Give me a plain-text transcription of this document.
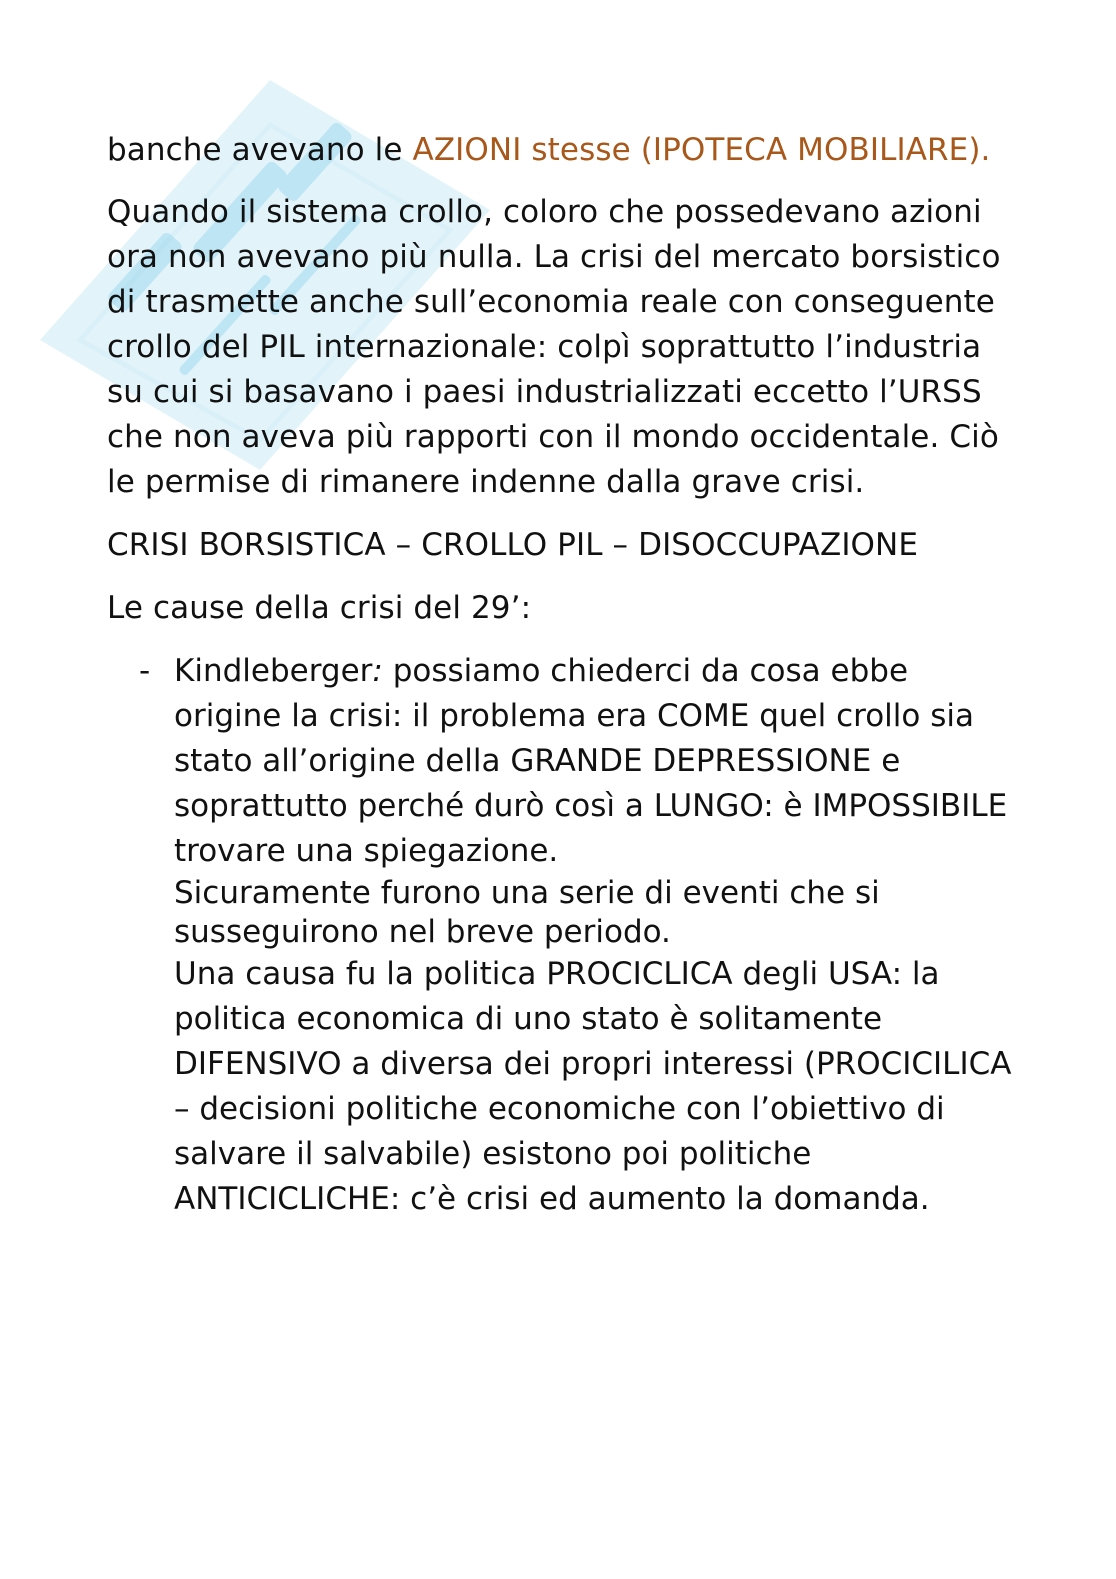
banche avevano le AZIONI stesse (IPOTECA MOBILIARE).

Quando il sistema crollo, coloro che possedevano azioni ora non avevano più nulla. La crisi del mercato borsistico di trasmette anche sull’economia reale con conseguente crollo del PIL internazionale: colpì soprattutto l’industria su cui si basavano i paesi industrializzati eccetto l’URSS che non aveva più rapporti con il mondo occidentale. Ciò le permise di rimanere indenne dalla grave crisi.

CRISI BORSISTICA – CROLLO PIL – DISOCCUPAZIONE

Le cause della crisi del 29’:

- Kindleberger: possiamo chiederci da cosa ebbe origine la crisi: il problema era COME quel crollo sia stato all’origine della GRANDE DEPRESSIONE e soprattutto perché durò così a LUNGO: è IMPOSSIBILE trovare una spiegazione.
Sicuramente furono una serie di eventi che si susseguirono nel breve periodo.
Una causa fu la politica PROCICLICA degli USA: la politica economica di uno stato è solitamente DIFENSIVO a diversa dei propri interessi (PROCICILICA – decisioni politiche economiche con l’obiettivo di salvare il salvabile) esistono poi politiche ANTICICLICHE: c’è crisi ed aumento la domanda.
